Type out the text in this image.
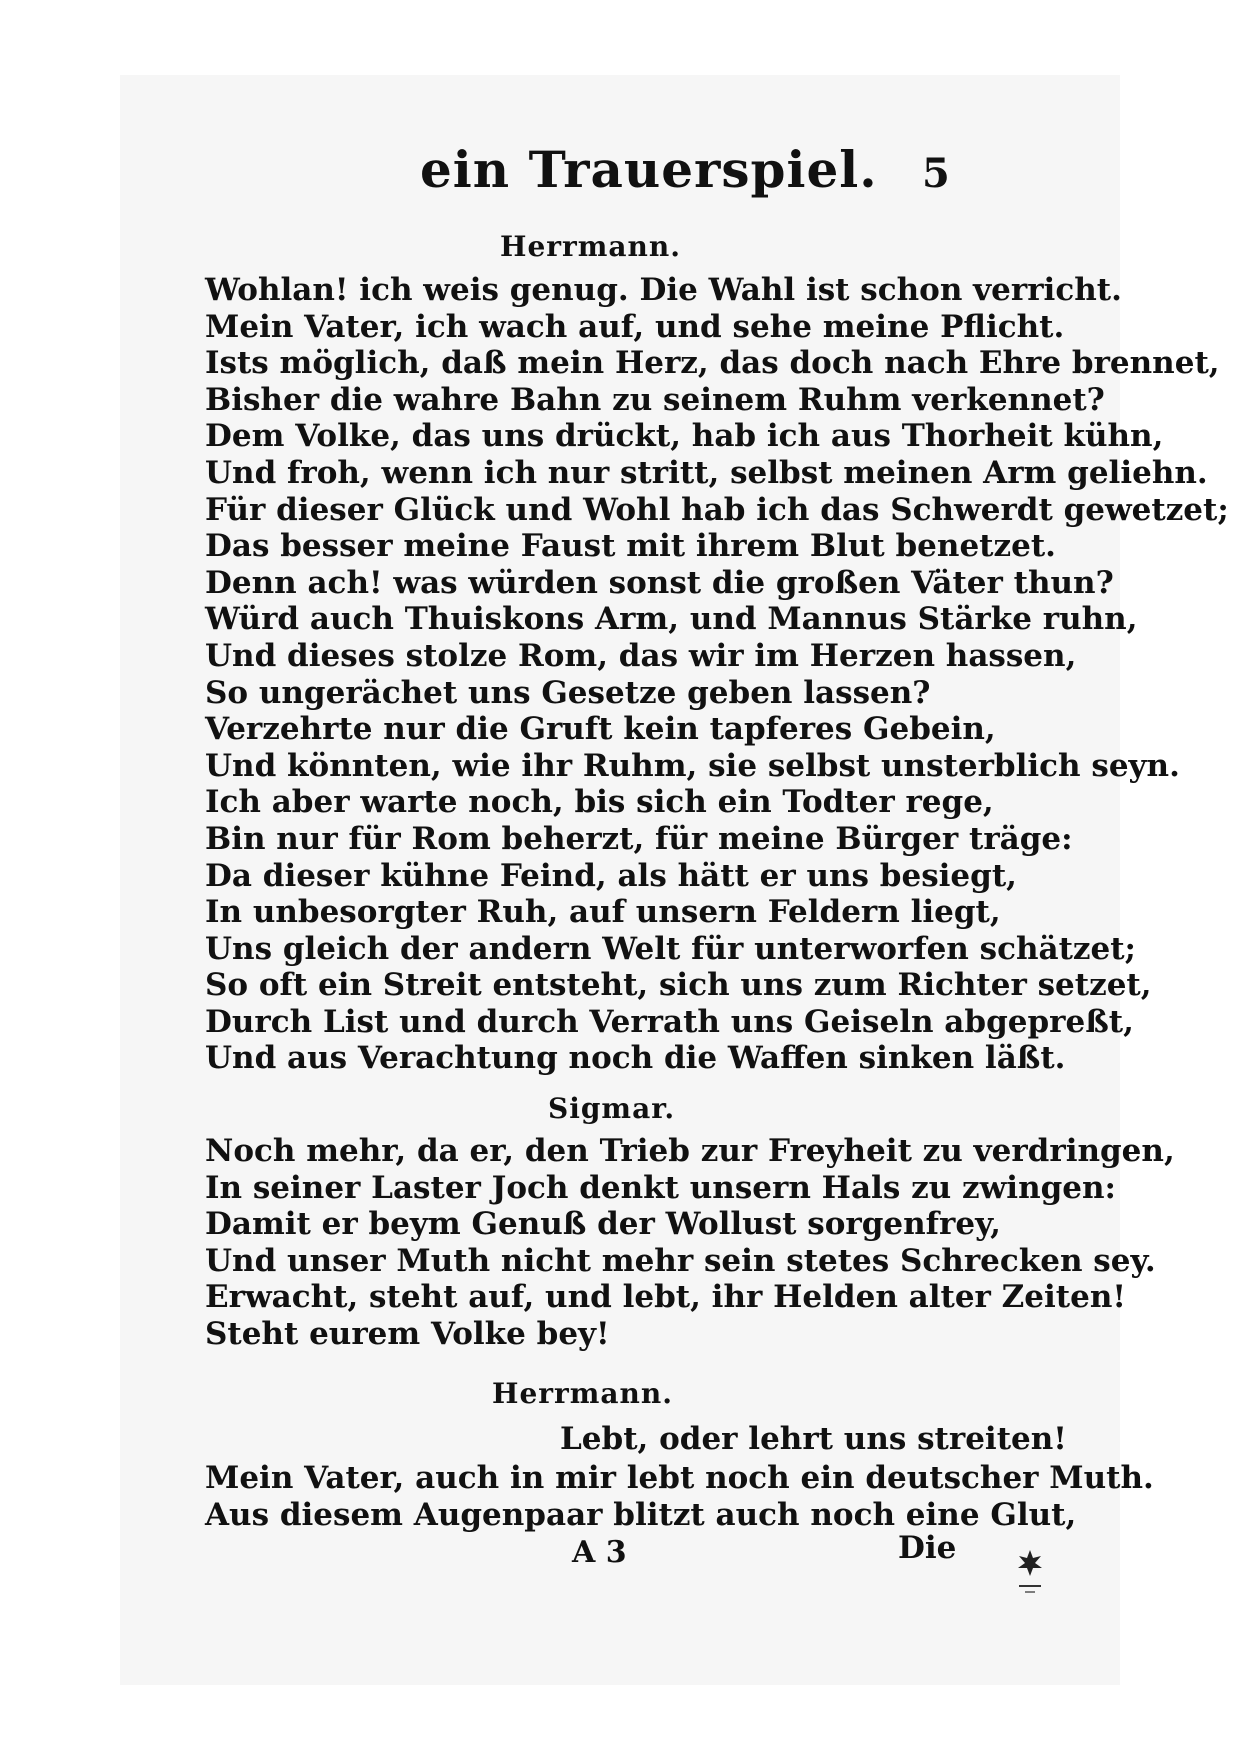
ein Trauerspiel. 5
Herrmann.
Wohlan! ich weis genug. Die Wahl ist schon verricht.
Mein Vater, ich wach auf, und sehe meine Pflicht.
Ists möglich, daß mein Herz, das doch nach Ehre brennet,
Bisher die wahre Bahn zu seinem Ruhm verkennet?
Dem Volke, das uns drückt, hab ich aus Thorheit kühn,
Und froh, wenn ich nur stritt, selbst meinen Arm geliehn.
Für dieser Glück und Wohl hab ich das Schwerdt gewetzet;
Das besser meine Faust mit ihrem Blut benetzet.
Denn ach! was würden sonst die großen Väter thun?
Würd auch Thuiskons Arm, und Mannus Stärke ruhn,
Und dieses stolze Rom, das wir im Herzen hassen,
So ungerächet uns Gesetze geben lassen?
Verzehrte nur die Gruft kein tapferes Gebein,
Und könnten, wie ihr Ruhm, sie selbst unsterblich seyn.
Ich aber warte noch, bis sich ein Todter rege,
Bin nur für Rom beherzt, für meine Bürger träge:
Da dieser kühne Feind, als hätt er uns besiegt,
In unbesorgter Ruh, auf unsern Feldern liegt,
Uns gleich der andern Welt für unterworfen schätzet;
So oft ein Streit entsteht, sich uns zum Richter setzet,
Durch List und durch Verrath uns Geiseln abgepreßt,
Und aus Verachtung noch die Waffen sinken läßt.
Sigmar.
Noch mehr, da er, den Trieb zur Freyheit zu verdringen,
In seiner Laster Joch denkt unsern Hals zu zwingen:
Damit er beym Genuß der Wollust sorgenfrey,
Und unser Muth nicht mehr sein stetes Schrecken sey.
Erwacht, steht auf, und lebt, ihr Helden alter Zeiten!
Steht eurem Volke bey!
Herrmann.
Lebt, oder lehrt uns streiten!
Mein Vater, auch in mir lebt noch ein deutscher Muth.
Aus diesem Augenpaar blitzt auch noch eine Glut,
A 3	Die
